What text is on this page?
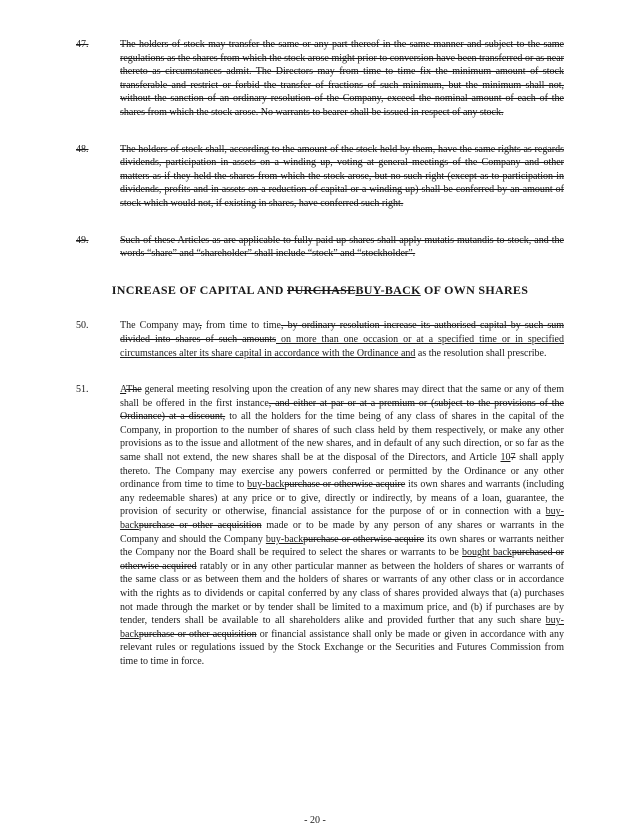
47.	The holders of stock may transfer the same or any part thereof in the same manner and subject to the same regulations as the shares from which the stock arose might prior to conversion have been transferred or as near thereto as circumstances admit. The Directors may from time to time fix the minimum amount of stock transferable and restrict or forbid the transfer of fractions of such minimum, but the minimum shall not, without the sanction of an ordinary resolution of the Company, exceed the nominal amount of each of the shares from which the stock arose. No warrants to bearer shall be issued in respect of any stock.
48.	The holders of stock shall, according to the amount of the stock held by them, have the same rights as regards dividends, participation in assets on a winding up, voting at general meetings of the Company and other matters as if they held the shares from which the stock arose, but no such right (except as to participation in dividends, profits and in assets on a reduction of capital or a winding up) shall be conferred by an amount of stock which would not, if existing in shares, have conferred such right.
49.	Such of these Articles as are applicable to fully paid up shares shall apply mutatis mutandis to stock, and the words “share” and “shareholder” shall include “stock” and “stockholder”.
INCREASE OF CAPITAL AND PURCHASEBUY-BACK OF OWN SHARES
50.	The Company may, from time to time, by ordinary resolution increase its authorised capital by such sum divided into shares of such amounts on more than one occasion or at a specified time or in specified circumstances alter its share capital in accordance with the Ordinance and as the resolution shall prescribe.
51.	AThe general meeting resolving upon the creation of any new shares may direct that the same or any of them shall be offered in the first instance, and either at par or at a premium or (subject to the provisions of the Ordinance) at a discount, to all the holders for the time being of any class of shares in the capital of the Company, in proportion to the number of shares of such class held by them respectively, or make any other provisions as to the issue and allotment of the new shares, and in default of any such direction, or so far as the same shall not extend, the new shares shall be at the disposal of the Directors, and Article 107 shall apply thereto. The Company may exercise any powers conferred or permitted by the Ordinance or any other ordinance from time to time to buy-backpurchase or otherwise acquire its own shares and warrants (including any redeemable shares) at any price or to give, directly or indirectly, by means of a loan, guarantee, the provision of security or otherwise, financial assistance for the purpose of or in connection with a buy-backpurchase or other acquisition made or to be made by any person of any shares or warrants in the Company and should the Company buy-backpurchase or otherwise acquire its own shares or warrants neither the Company nor the Board shall be required to select the shares or warrants to be bought backpurchased or otherwise acquired ratably or in any other particular manner as between the holders of shares or warrants of the same class or as between them and the holders of shares or warrants of any other class or in accordance with the rights as to dividends or capital conferred by any class of shares provided always that (a) purchases not made through the market or by tender shall be limited to a maximum price, and (b) if purchases are by tender, tenders shall be available to all shareholders alike and provided further that any such share buy-backpurchase or other acquisition or financial assistance shall only be made or given in accordance with any relevant rules or regulations issued by the Stock Exchange or the Securities and Futures Commission from time to time in force.
- 20 -
